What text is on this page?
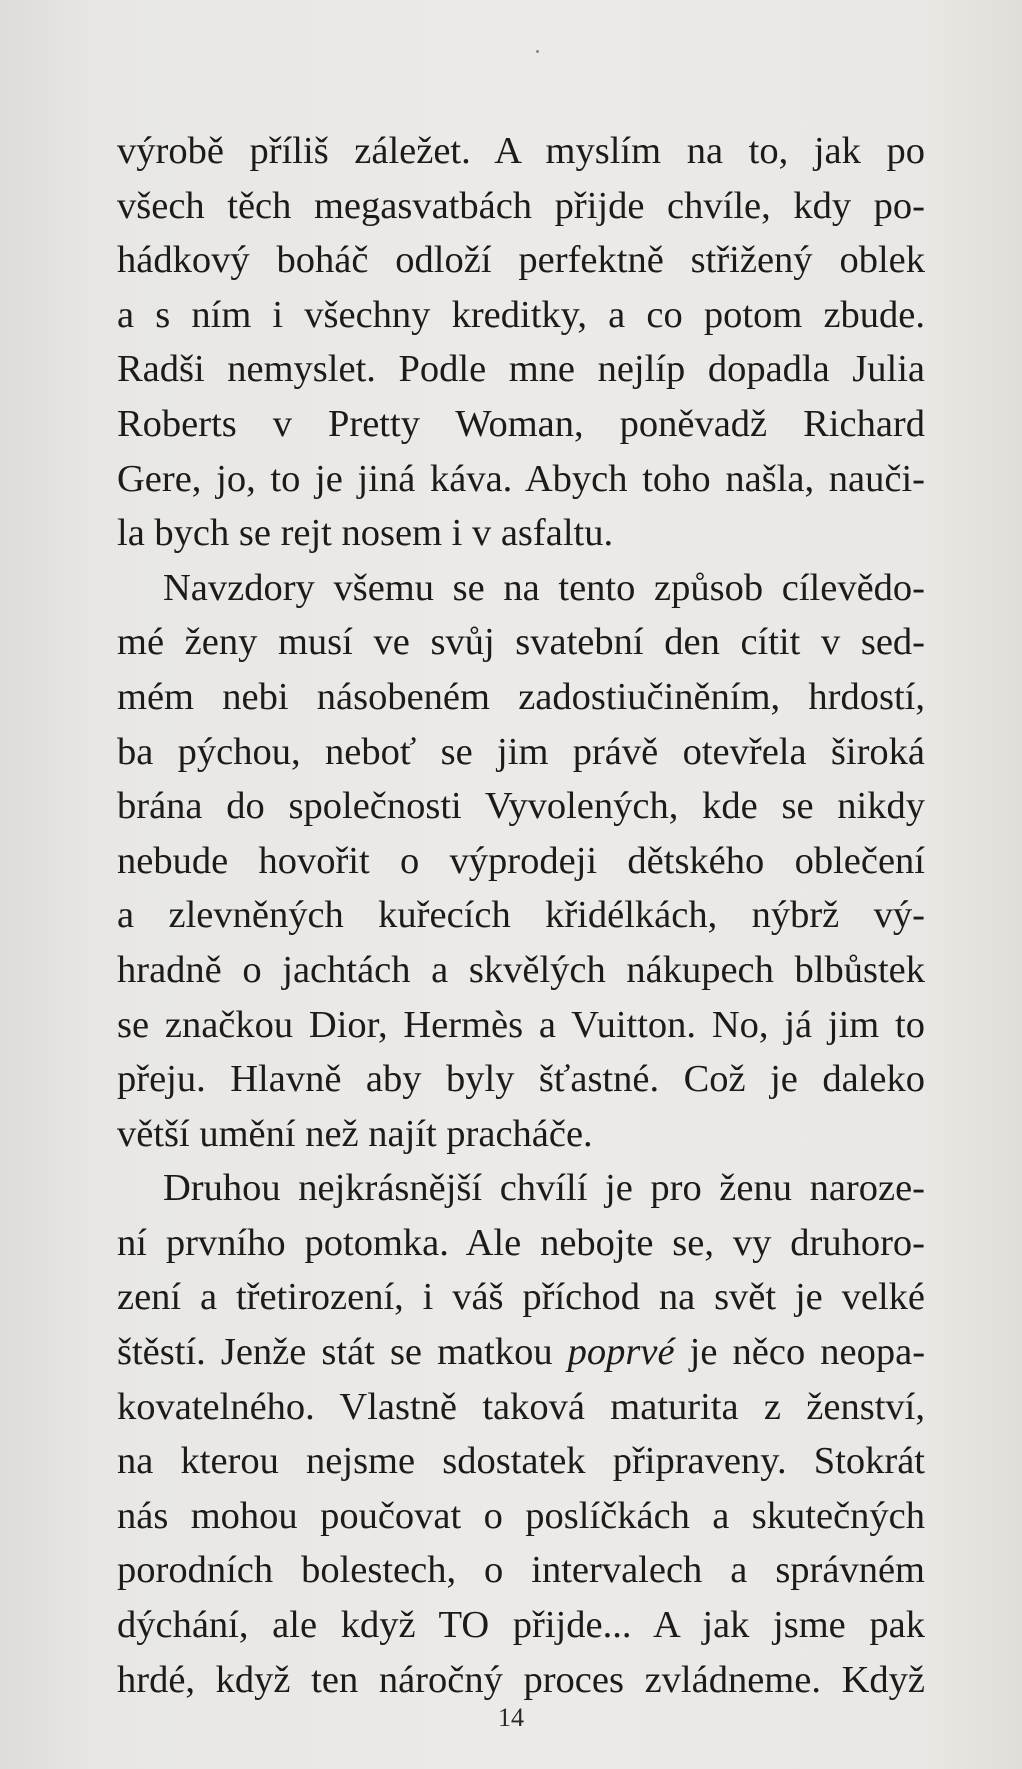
výrobě příliš záležet. A myslím na to, jak po
všech těch megasvatbách přijde chvíle, kdy po-
hádkový boháč odloží perfektně střižený oblek
a s ním i všechny kreditky, a co potom zbude.
Radši nemyslet. Podle mne nejlíp dopadla Julia
Roberts v Pretty Woman, poněvadž Richard
Gere, jo, to je jiná káva. Abych toho našla, nauči-
la bych se rejt nosem i v asfaltu.
Navzdory všemu se na tento způsob cílevědo-
mé ženy musí ve svůj svatební den cítit v sed-
mém nebi násobeném zadostiučiněním, hrdostí,
ba pýchou, neboť se jim právě otevřela široká
brána do společnosti Vyvolených, kde se nikdy
nebude hovořit o výprodeji dětského oblečení
a zlevněných kuřecích křidélkách, nýbrž vý-
hradně o jachtách a skvělých nákupech blbůstek
se značkou Dior, Hermès a Vuitton. No, já jim to
přeju. Hlavně aby byly šťastné. Což je daleko
větší umění než najít pracháče.
Druhou nejkrásnější chvílí je pro ženu naroze-
ní prvního potomka. Ale nebojte se, vy druhoro-
zení a třetirození, i váš příchod na svět je velké
štěstí. Jenže stát se matkou poprvé je něco neopa-
kovatelného. Vlastně taková maturita z ženství,
na kterou nejsme sdostatek připraveny. Stokrát
nás mohou poučovat o poslíčkách a skutečných
porodních bolestech, o intervalech a správném
dýchání, ale když TO přijde... A jak jsme pak
hrdé, když ten náročný proces zvládneme. Když
14
